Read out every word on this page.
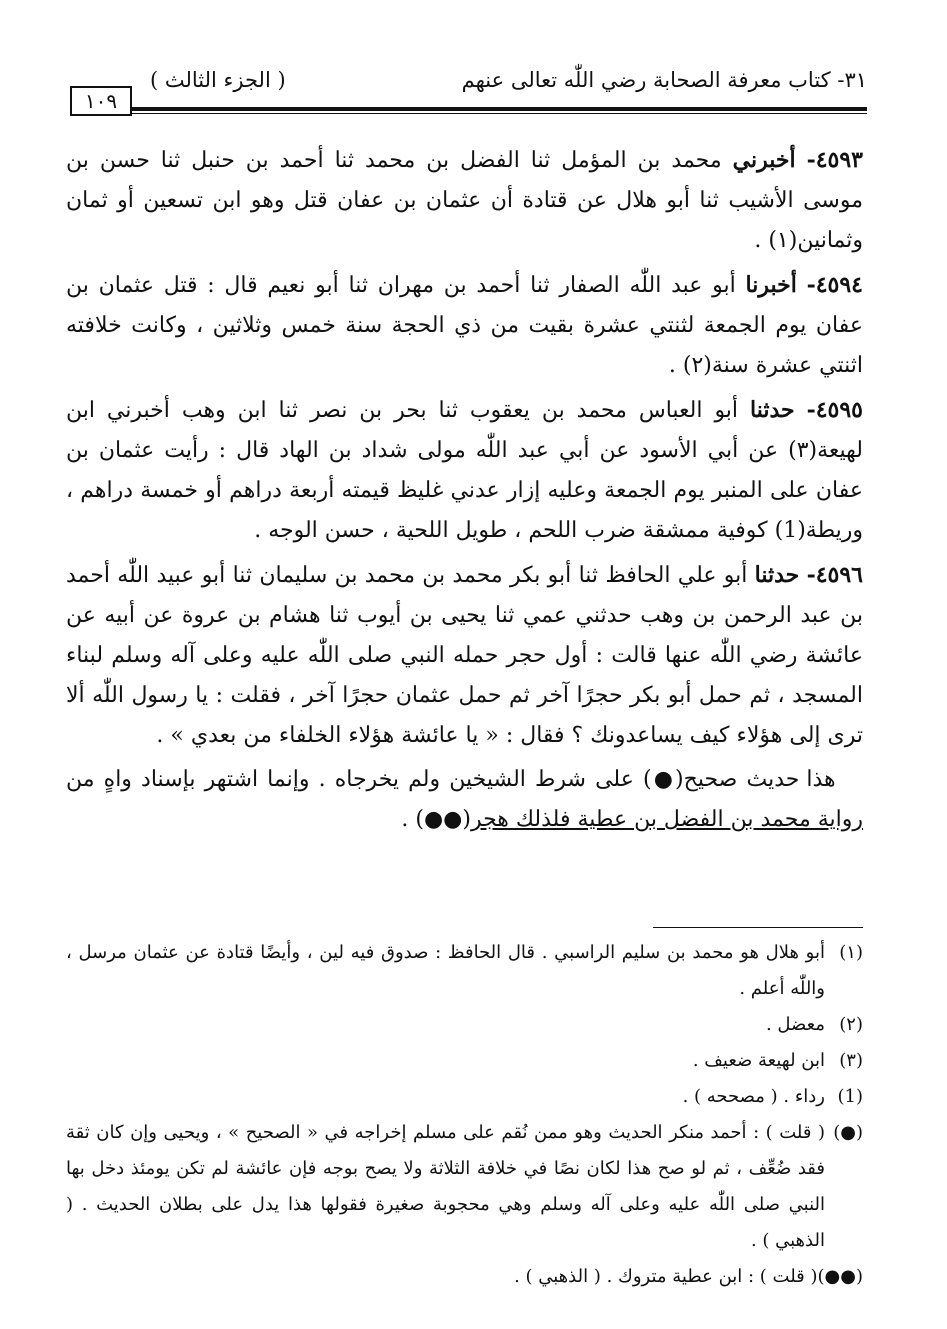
( الجزء الثالث )	٣١- كتاب معرفة الصحابة رضي اللّٰه تعالى عنهم
١٠٩

٤٥٩٣- أخبرني محمد بن المؤمل ثنا الفضل بن محمد ثنا أحمد بن حنبل ثنا حسن بن موسى الأشيب ثنا أبو هلال عن قتادة أن عثمان بن عفان قتل وهو ابن تسعين أو ثمان وثمانين(١) .

٤٥٩٤- أخبرنا أبو عبد اللّٰه الصفار ثنا أحمد بن مهران ثنا أبو نعيم قال : قتل عثمان بن عفان يوم الجمعة لثنتي عشرة بقيت من ذي الحجة سنة خمس وثلاثين ، وكانت خلافته اثنتي عشرة سنة(٢) .

٤٥٩٥- حدثنا أبو العباس محمد بن يعقوب ثنا بحر بن نصر ثنا ابن وهب أخبرني ابن لهيعة(٣) عن أبي الأسود عن أبي عبد اللّٰه مولى شداد بن الهاد قال : رأيت عثمان بن عفان على المنبر يوم الجمعة وعليه إزار عدني غليظ قيمته أربعة دراهم أو خمسة دراهم ، وريطة(1) كوفية ممشقة ضرب اللحم ، طويل اللحية ، حسن الوجه .

٤٥٩٦- حدثنا أبو علي الحافظ ثنا أبو بكر محمد بن محمد بن سليمان ثنا أبو عبيد اللّٰه أحمد بن عبد الرحمن بن وهب حدثني عمي ثنا يحيى بن أيوب ثنا هشام بن عروة عن أبيه عن عائشة رضي اللّٰه عنها قالت : أول حجر حمله النبي صلى اللّٰه عليه وعلى آله وسلم لبناء المسجد ، ثم حمل أبو بكر حجرًا آخر ثم حمل عثمان حجرًا آخر ، فقلت : يا رسول اللّٰه ألا ترى إلى هؤلاء كيف يساعدونك ؟ فقال : « يا عائشة هؤلاء الخلفاء من بعدي » .

هذا حديث صحيح(●) على شرط الشيخين ولم يخرجاه . وإنما اشتهر بإسناد واهٍ من رواية محمد بن الفضل بن عطية فلذلك هجر(●●) .

(١)
أبو هلال هو محمد بن سليم الراسبي . قال الحافظ : صدوق فيه لين ، وأيضًا قتادة عن عثمان مرسل ، واللّٰه أعلم .
(٢)
معضل .
(٣)
ابن لهيعة ضعيف .
(1)
رداء . ( مصححه ) .
(●)
( قلت ) : أحمد منكر الحديث وهو ممن نُقم على مسلم إخراجه في « الصحيح » ، ويحيى وإن كان ثقة فقد ضُعِّف ، ثم لو صح هذا لكان نصًا في خلافة الثلاثة ولا يصح بوجه فإن عائشة لم تكن يومئذ دخل بها النبي صلى اللّٰه عليه وعلى آله وسلم وهي محجوبة صغيرة فقولها هذا يدل على بطلان الحديث . ( الذهبي ) .
(●●)
( قلت ) : ابن عطية متروك . ( الذهبي ) .
